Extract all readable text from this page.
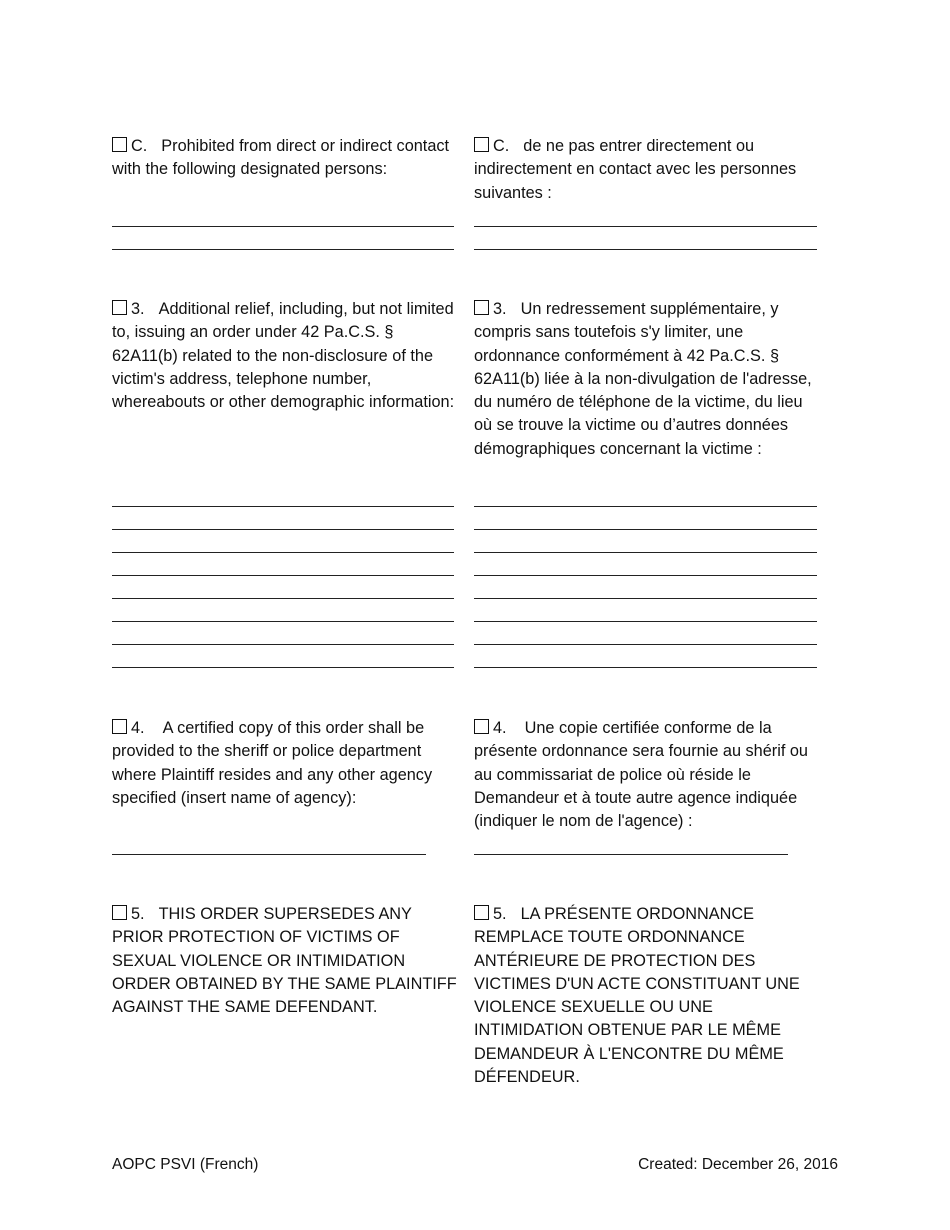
C. Prohibited from direct or indirect contact with the following designated persons:
C. de ne pas entrer directement ou indirectement en contact avec les personnes suivantes :
3. Additional relief, including, but not limited to, issuing an order under 42 Pa.C.S. § 62A11(b) related to the non-disclosure of the victim's address, telephone number, whereabouts or other demographic information:
3. Un redressement supplémentaire, y compris sans toutefois s'y limiter, une ordonnance conformément à 42 Pa.C.S. § 62A11(b) liée à la non-divulgation de l'adresse, du numéro de téléphone de la victime, du lieu où se trouve la victime ou d’autres données démographiques concernant la victime :
4. A certified copy of this order shall be provided to the sheriff or police department where Plaintiff resides and any other agency specified (insert name of agency):
4. Une copie certifiée conforme de la présente ordonnance sera fournie au shérif ou au commissariat de police où réside le Demandeur et à toute autre agence indiquée (indiquer le nom de l'agence) :
5. THIS ORDER SUPERSEDES ANY PRIOR PROTECTION OF VICTIMS OF SEXUAL VIOLENCE OR INTIMIDATION ORDER OBTAINED BY THE SAME PLAINTIFF AGAINST THE SAME DEFENDANT.
5. LA PRÉSENTE ORDONNANCE REMPLACE TOUTE ORDONNANCE ANTÉRIEURE DE PROTECTION DES VICTIMES D'UN ACTE CONSTITUANT UNE VIOLENCE SEXUELLE OU UNE INTIMIDATION OBTENUE PAR LE MÊME DEMANDEUR À L'ENCONTRE DU MÊME DÉFENDEUR.
AOPC PSVI (French)	Created: December 26, 2016
